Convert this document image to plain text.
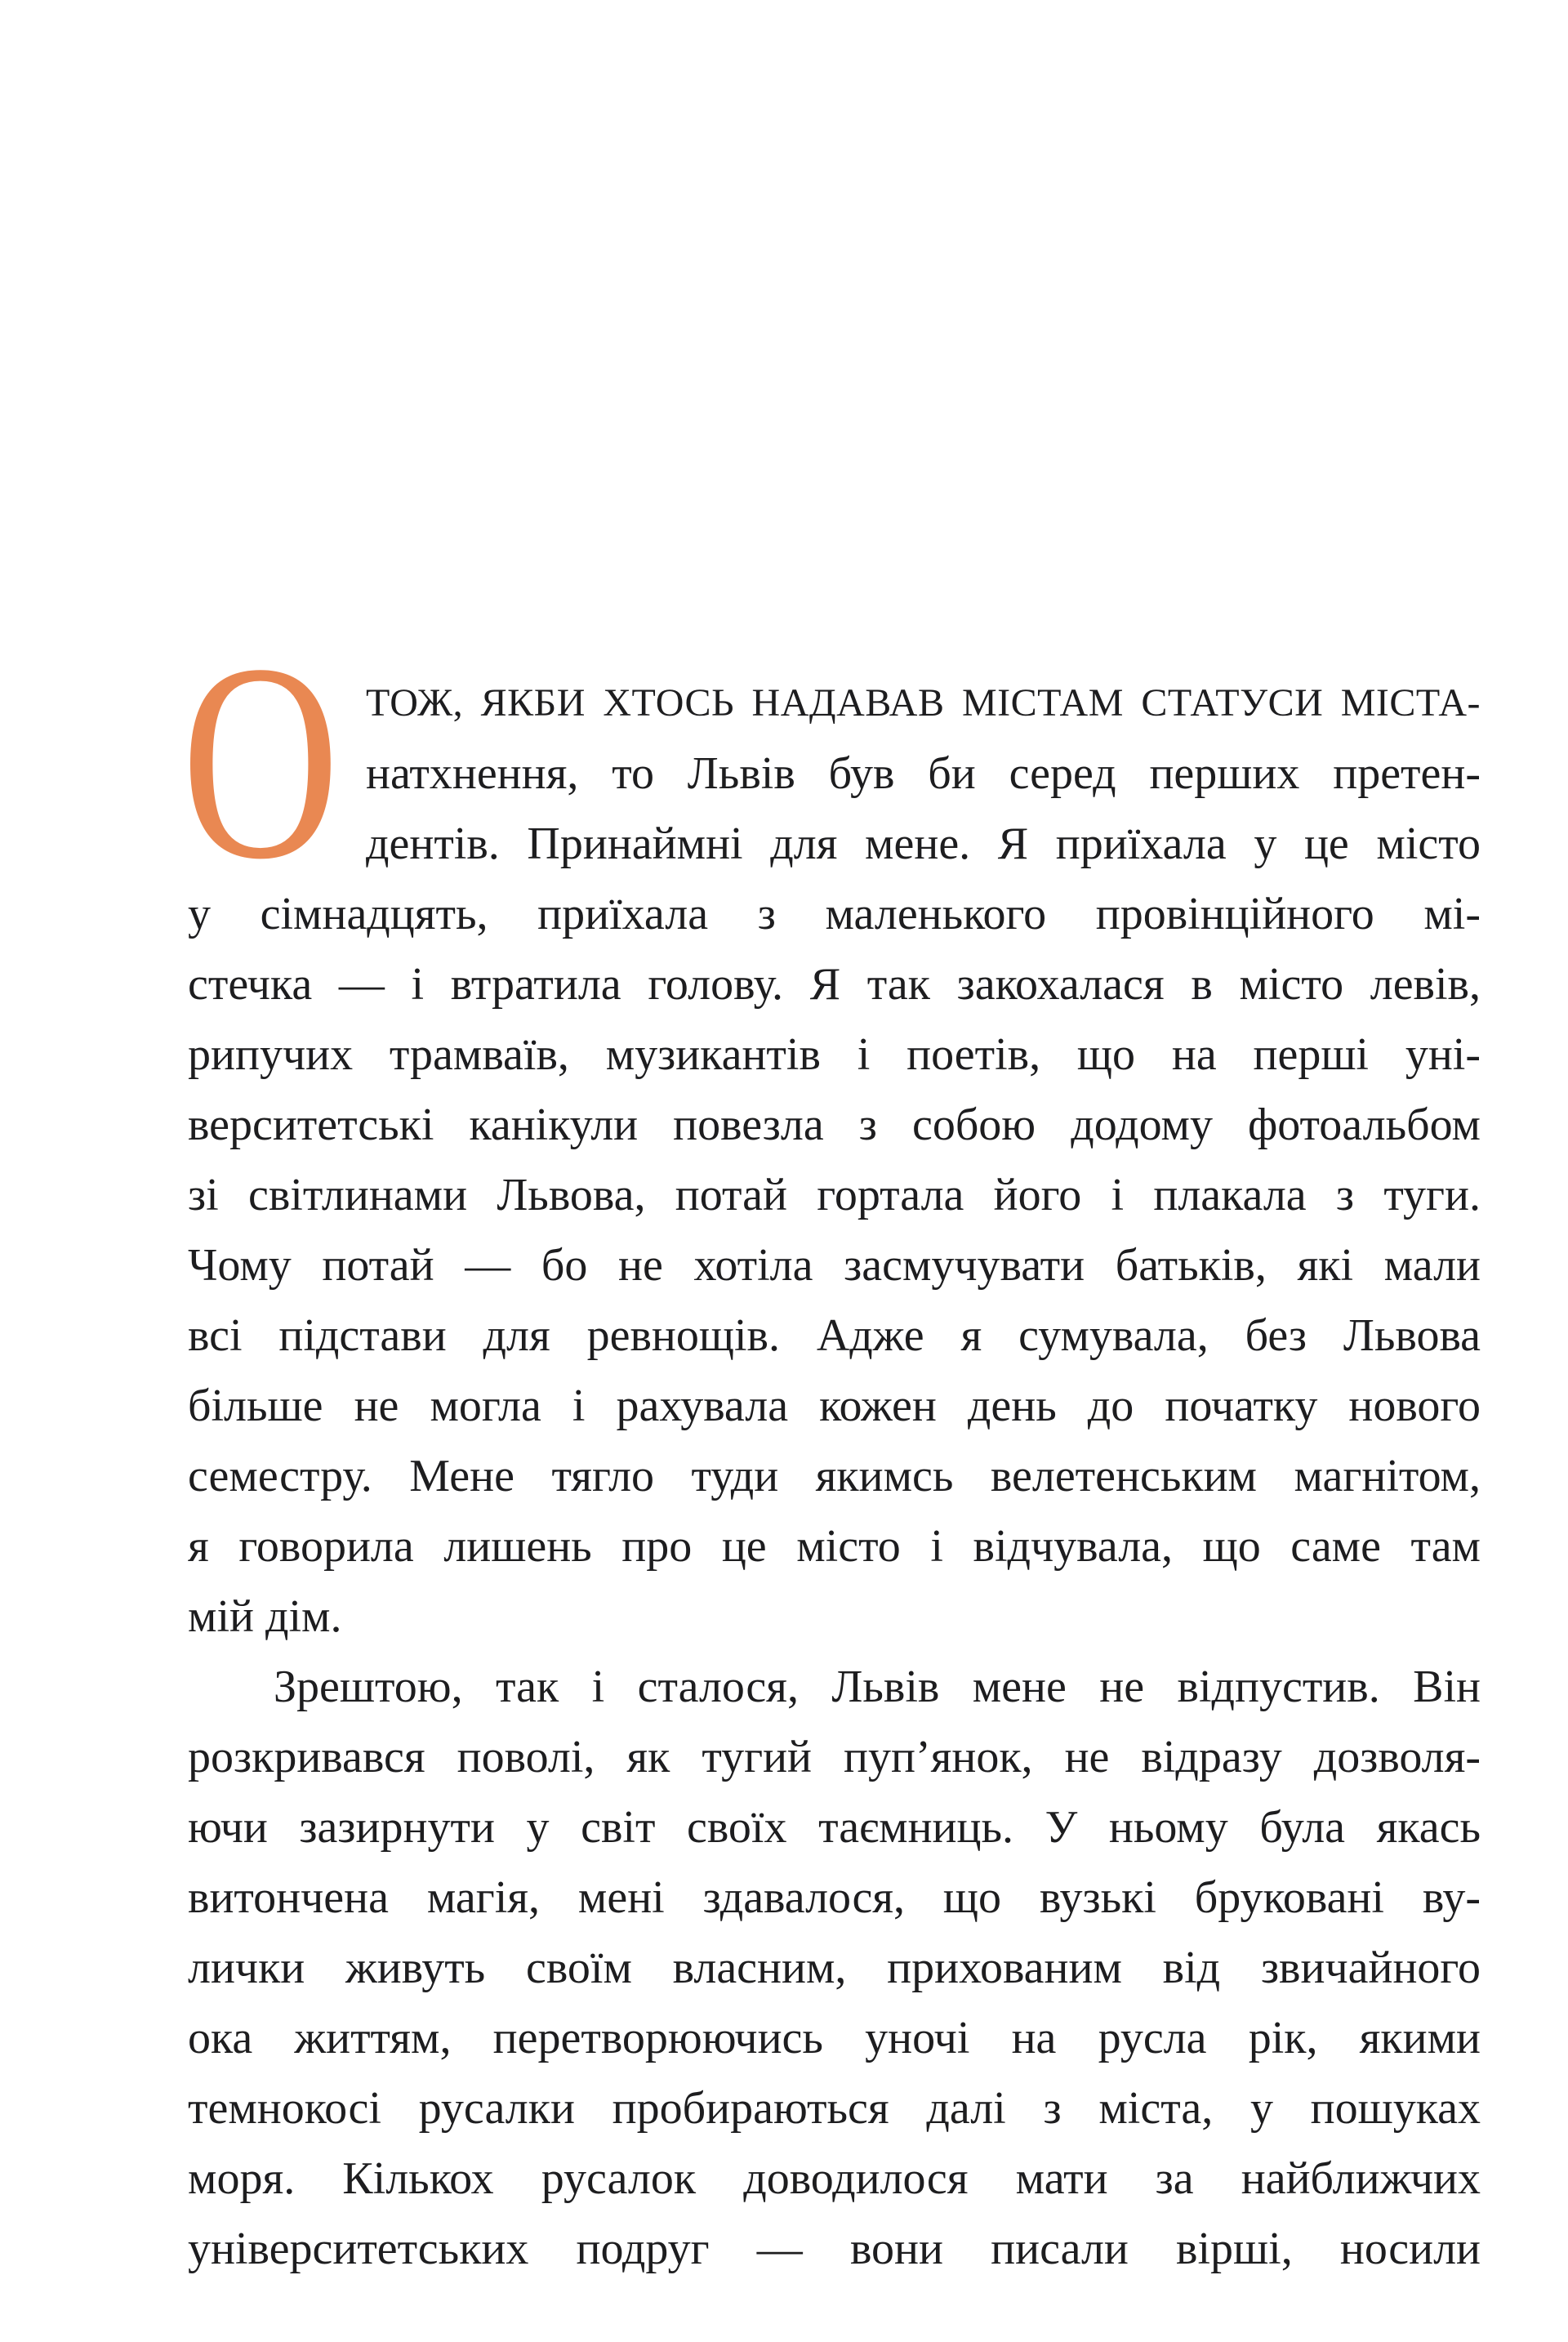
О ТОЖ, ЯКБИ ХТОСЬ НАДАВАВ МІСТАМ СТАТУСИ МІСТА-
натхнення, то Львів був би серед перших претен-
дентів. Принаймні для мене. Я приїхала у це місто
у сімнадцять, приїхала з маленького провінційного мі-
стечка — і втратила голову. Я так закохалася в місто левів,
рипучих трамваїв, музикантів і поетів, що на перші уні-
верситетські канікули повезла з собою додому фотоальбом
зі світлинами Львова, потай гортала його і плакала з туги.
Чому потай — бо не хотіла засмучувати батьків, які мали
всі підстави для ревнощів. Адже я сумувала, без Львова
більше не могла і рахувала кожен день до початку нового
семестру. Мене тягло туди якимсь велетенським магнітом,
я говорила лишень про це місто і відчувала, що саме там
мій дім.
Зрештою, так і сталося, Львів мене не відпустив. Він
розкривався поволі, як тугий пуп’янок, не відразу дозволя-
ючи зазирнути у світ своїх таємниць. У ньому була якась
витончена магія, мені здавалося, що вузькі бруковані ву-
лички живуть своїм власним, прихованим від звичайного
ока життям, перетворюючись уночі на русла рік, якими
темнокосі русалки пробираються далі з міста, у пошуках
моря. Кількох русалок доводилося мати за найближчих
університетських подруг — вони писали вірші, носили
